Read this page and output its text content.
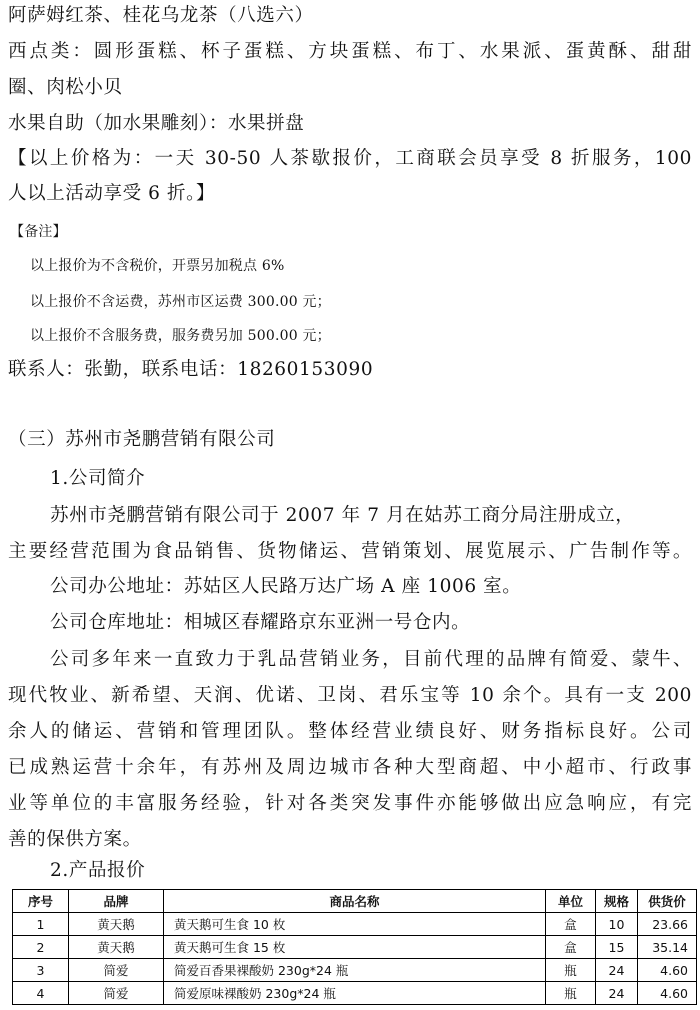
阿萨姆红茶、桂花乌龙茶（八选六）
西点类：圆形蛋糕、杯子蛋糕、方块蛋糕、布丁、水果派、蛋黄酥、甜甜
圈、肉松小贝
水果自助（加水果雕刻）：水果拼盘
【以上价格为：一天 30-50 人茶歇报价，工商联会员享受 8 折服务，100
人以上活动享受 6 折。】
【备注】
以上报价为不含税价，开票另加税点 6%
以上报价不含运费，苏州市区运费 300.00 元；
以上报价不含服务费，服务费另加 500.00 元；
联系人：张勤，联系电话：18260153090
（三）苏州市尧鹏营销有限公司
1.公司简介
苏州市尧鹏营销有限公司于 2007 年 7 月在姑苏工商分局注册成立，
主要经营范围为食品销售、货物储运、营销策划、展览展示、广告制作等。
公司办公地址：苏姑区人民路万达广场 A 座 1006 室。
公司仓库地址：相城区春耀路京东亚洲一号仓内。
公司多年来一直致力于乳品营销业务，目前代理的品牌有简爱、蒙牛、
现代牧业、新希望、天润、优诺、卫岗、君乐宝等 10 余个。具有一支 200
余人的储运、营销和管理团队。整体经营业绩良好、财务指标良好。公司
已成熟运营十余年，有苏州及周边城市各种大型商超、中小超市、行政事
业等单位的丰富服务经验，针对各类突发事件亦能够做出应急响应，有完
善的保供方案。
2.产品报价
序号	品牌	商品名称	单位	规格	供货价
1	黄天鹅	黄天鹅可生食 10 枚	盒	10	23.66
2	黄天鹅	黄天鹅可生食 15 枚	盒	15	35.14
3	简爱	简爱百香果裸酸奶 230g*24 瓶	瓶	24	4.60
4	简爱	简爱原味裸酸奶 230g*24 瓶	瓶	24	4.60
